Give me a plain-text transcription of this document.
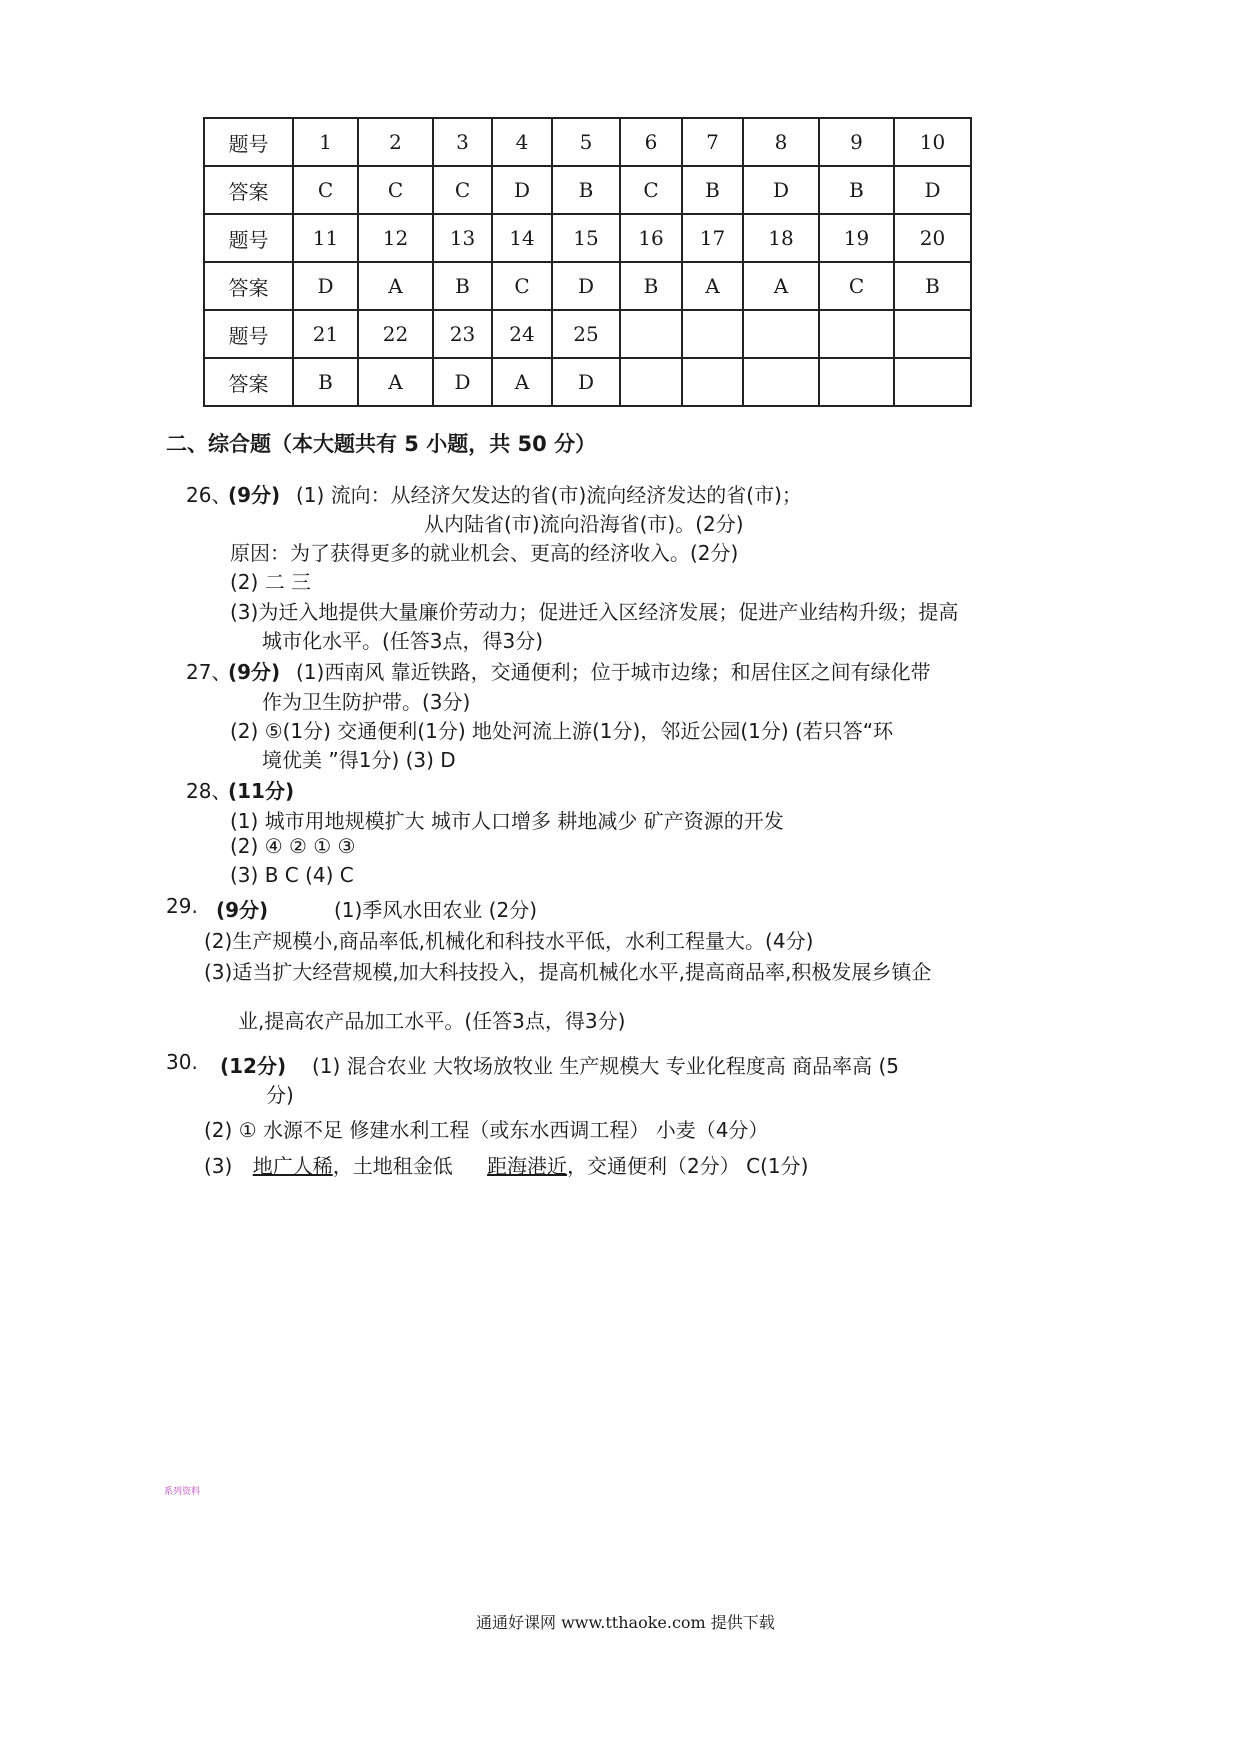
题号	1	2	3	4	5	6	7	8	9	10
答案	C	C	C	D	B	C	B	D	B	D
题号	11	12	13	14	15	16	17	18	19	20
答案	D	A	B	C	D	B	A	A	C	B
题号	21	22	23	24	25					
答案	B	A	D	A	D					
二、综合题（本大题共有 5 小题，共 50 分）
26、
(9分) (1) 流向：从经济欠发达的省(市)流向经济发达的省(市)；
从内陆省(市)流向沿海省(市)。(2分)
原因：为了获得更多的就业机会、更高的经济收入。(2分)
(2) 二 三
(3)为迁入地提供大量廉价劳动力；促进迁入区经济发展；促进产业结构升级；提高
城市化水平。(任答3点，得3分)
27、
(9分) (1)西南风 靠近铁路，交通便利；位于城市边缘；和居住区之间有绿化带
作为卫生防护带。(3分)
(2) ⑤(1分) 交通便利(1分) 地处河流上游(1分)，邻近公园(1分) (若只答“环
境优美 ”得1分) (3) D
28、
(11分)
(1) 城市用地规模扩大 城市人口增多 耕地减少 矿产资源的开发
(2) ④ ② ① ③
(3) B C (4) C
29. (9分)	(1)季风水田农业 (2分)
(2)生产规模小,商品率低,机械化和科技水平低，水利工程量大。(4分)
(3)适当扩大经营规模,加大科技投入，提高机械化水平,提高商品率,积极发展乡镇企
业,提高农产品加工水平。(任答3点，得3分)
30. (12分) (1) 混合农业 大牧场放牧业 生产规模大 专业化程度高 商品率高 (5
分)
(2) ① 水源不足 修建水利工程（或东水西调工程） 小麦（4分）
(3) 地广人稀，土地租金低 距海港近，交通便利（2分） C(1分)
系列资料
通通好课网 www.tthaoke.com 提供下载
